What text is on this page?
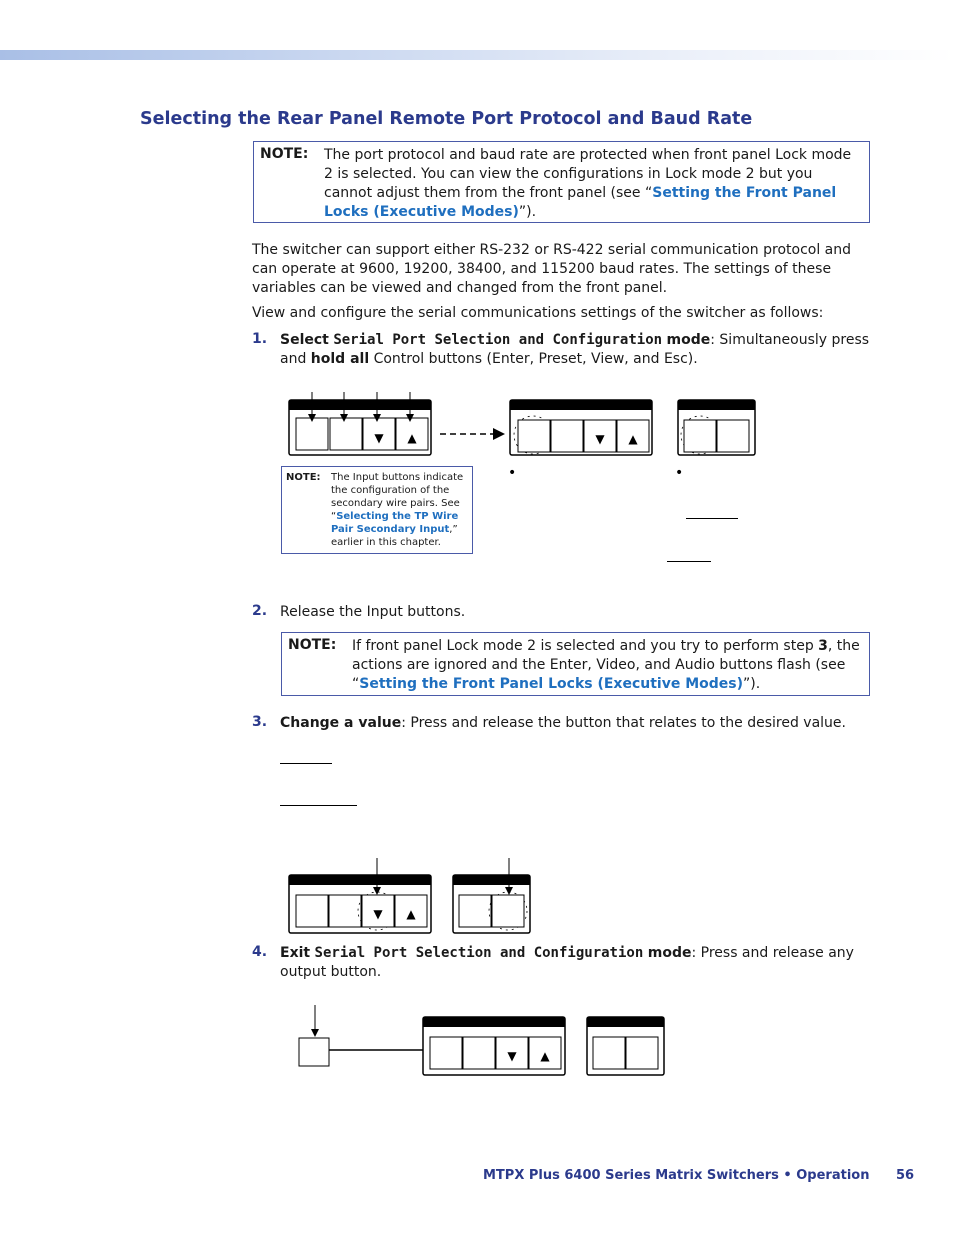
Selecting the Rear Panel Remote Port Protocol and Baud Rate
NOTE: The port protocol and baud rate are protected when front panel Lock mode 2 is selected. You can view the configurations in Lock mode 2 but you cannot adjust them from the front panel (see “Setting the Front Panel Locks (Executive Modes)”).
The switcher can support either RS-232 or RS-422 serial communication protocol and can operate at 9600, 19200, 38400, and 115200 baud rates. The settings of these variables can be viewed and changed from the front panel.
View and configure the serial communications settings of the switcher as follows:
1. Select Serial Port Selection and Configuration mode: Simultaneously press and hold all Control buttons (Enter, Preset, View, and Esc).
▼ ▲	▼ ▲
•	•
NOTE: The Input buttons indicate the configuration of the secondary wire pairs. See “Selecting the TP Wire Pair Secondary Input,” earlier in this chapter.
2. Release the Input buttons.
NOTE: If front panel Lock mode 2 is selected and you try to perform step 3, the actions are ignored and the Enter, Video, and Audio buttons flash (see “Setting the Front Panel Locks (Executive Modes)”).
3. Change a value: Press and release the button that relates to the desired value.
▼ ▲
4. Exit Serial Port Selection and Configuration mode: Press and release any output button.
▼ ▲
MTPX Plus 6400 Series Matrix Switchers • Operation 56
